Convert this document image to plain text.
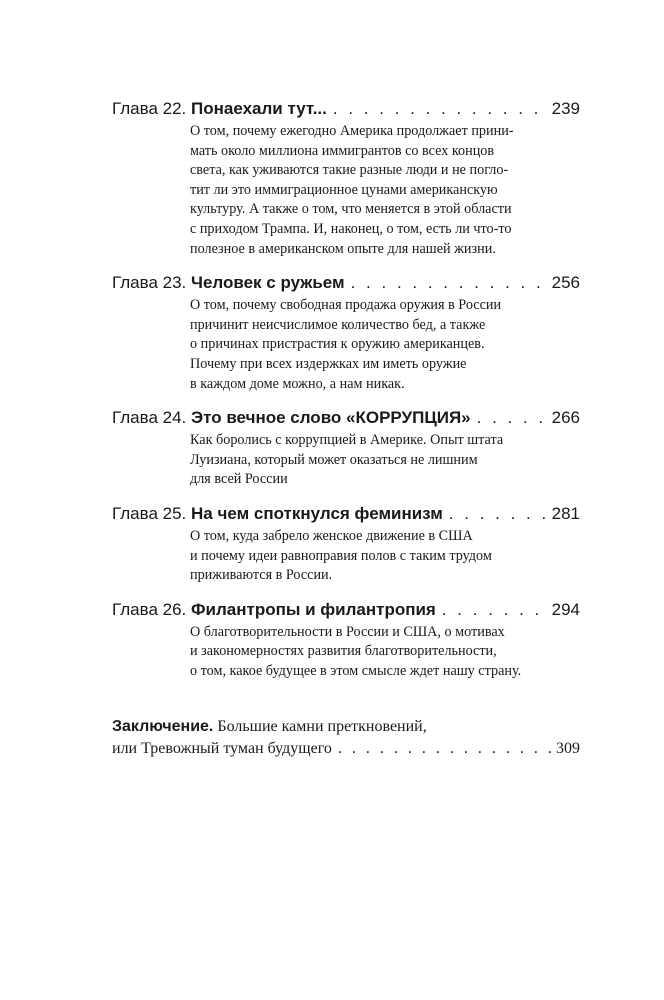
Глава 22.
Понаехали тут... . . .	239
О том, почему ежегодно Америка продолжает прини-
мать около миллиона иммигрантов со всех концов
света, как уживаются такие разные люди и не погло-
тит ли это иммиграционное цунами американскую
культуру. А также о том, что меняется в этой области
с приходом Трампа. И, наконец, о том, есть ли что-то
полезное в американском опыте для нашей жизни.
Глава 23.
Человек с ружьем . . .	256
О том, почему свободная продажа оружия в России
причинит неисчислимое количество бед, а также
о причинах пристрастия к оружию американцев.
Почему при всех издержках им иметь оружие
в каждом доме можно, а нам никак.
Глава 24.
Это вечное слово «КОРРУПЦИЯ» . . .	266
Как боролись с коррупцией в Америке. Опыт штата
Луизиана, который может оказаться не лишним
для всей России
Глава 25.
На чем споткнулся феминизм . . .	281
О том, куда забрело женское движение в США
и почему идеи равноправия полов с таким трудом
приживаются в России.
Глава 26.
Филантропы и филантропия . . .	294
О благотворительности в России и США, о мотивах
и закономерностях развития благотворительности,
о том, какое будущее в этом смысле ждет нашу страну.
Заключение.
Большие камни преткновений,
или Тревожный туман будущего . . .	309
